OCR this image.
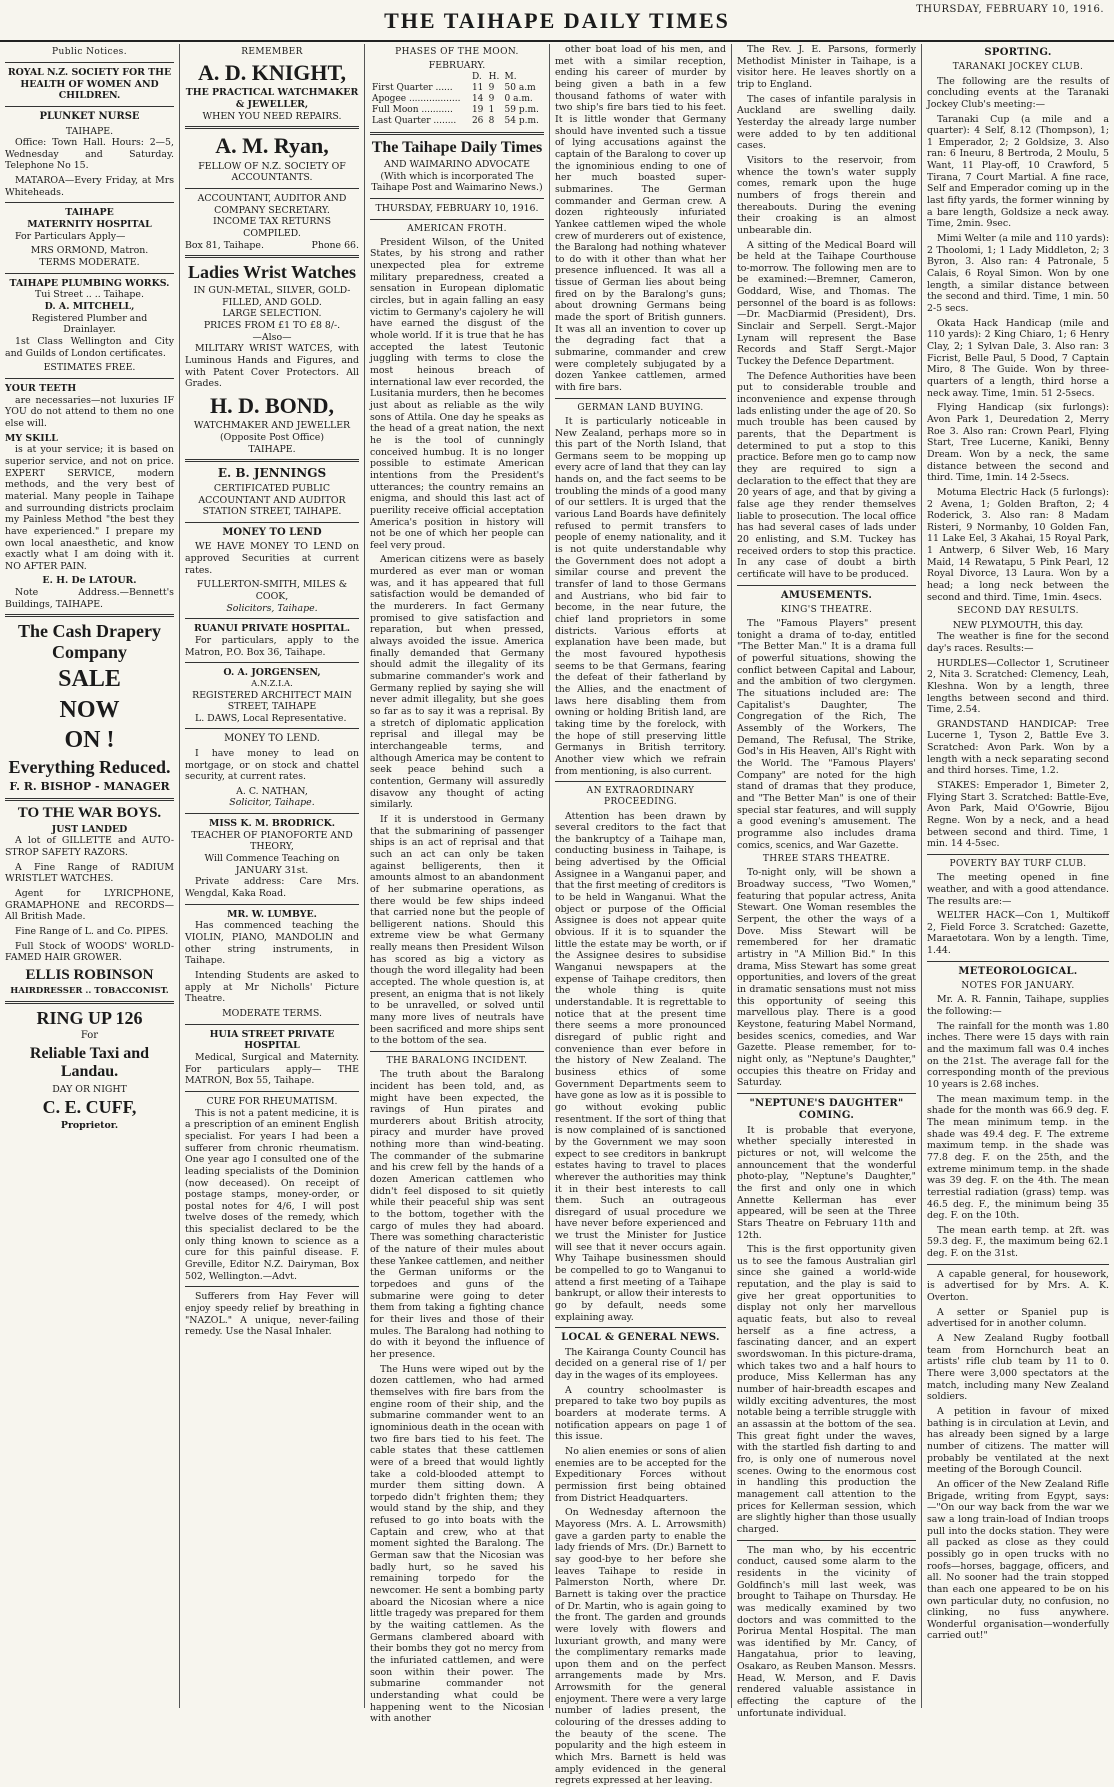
THE TAIHAPE DAILY TIMES	THURSDAY, FEBRUARY 10, 1916.
Public Notices.
ROYAL N.Z. SOCIETY FOR THE HEALTH OF WOMEN AND CHILDREN.
PLUNKET NURSE
TAIHAPE.

Office: Town Hall. Hours: 2—5, Wednesday and Saturday. Telephone No 15.

MATAROA—Every Friday, at Mrs Whiteheads.

TAIHAPE
MATERNITY HOSPITAL

For Particulars Apply—

MRS ORMOND, Matron.
TERMS MODERATE.
TAIHAPE PLUMBING WORKS.
Tui Street .. .. Taihape.
D. A. MITCHELL,
Registered Plumber and Drainlayer.

1st Class Wellington and City and Guilds of London certificates.

ESTIMATES FREE.
YOUR TEETH

are necessaries—not luxuries IF YOU do not attend to them no one else will.

MY SKILL

is at your service; it is based on superior service, and not on price. EXPERT SERVICE, modern methods, and the very best of material. Many people in Taihape and surrounding districts proclaim my Painless Method "the best they have experienced." I prepare my own local anaesthetic, and know exactly what I am doing with it. NO AFTER PAIN.

E. H. De LATOUR.

Note Address.—Bennett's Buildings, TAIHAPE.

The Cash Drapery Company
SALE
NOW
ON !
Everything Reduced.
F. R. BISHOP - MANAGER
TO THE WAR BOYS.
JUST LANDED

A lot of GILLETTE and AUTO-STROP SAFETY RAZORS.

A Fine Range of RADIUM WRISTLET WATCHES.

Agent for LYRICPHONE, GRAMAPHONE and RECORDS—All British Made.

Fine Range of L. and Co. PIPES.

Full Stock of WOODS' WORLD-FAMED HAIR GROWER.

ELLIS ROBINSON
HAIRDRESSER .. TOBACCONIST.
RING UP 126
For
Reliable Taxi and Landau.
DAY OR NIGHT
C. E. CUFF,
Proprietor.
REMEMBER
A. D. KNIGHT,
THE PRACTICAL WATCHMAKER & JEWELLER,
WHEN YOU NEED REPAIRS.
A. M. Ryan,
FELLOW OF N.Z. SOCIETY OF ACCOUNTANTS.
ACCOUNTANT, AUDITOR AND COMPANY SECRETARY.
INCOME TAX RETURNS COMPILED.
Box 81, Taihape.	Phone 66.
Ladies Wrist Watches
IN GUN-METAL, SILVER, GOLD-FILLED, AND GOLD.
LARGE SELECTION.
PRICES FROM £1 TO £8 8/-.
—Also—

MILITARY WRIST WATCES, with Luminous Hands and Figures, and with Patent Cover Protectors. All Grades.

H. D. BOND,
WATCHMAKER AND JEWELLER
(Opposite Post Office)
TAIHAPE.
E. B. JENNINGS
CERTIFICATED PUBLIC ACCOUNTANT AND AUDITOR
STATION STREET, TAIHAPE.
MONEY TO LEND

WE HAVE MONEY TO LEND on approved Securities at current rates.

FULLERTON-SMITH, MILES & COOK,
Solicitors, Taihape.
RUANUI PRIVATE HOSPITAL.

For particulars, apply to the Matron, P.O. Box 36, Taihape.

O. A. JORGENSEN,
A.N.Z.I.A.
REGISTERED ARCHITECT MAIN STREET, TAIHAPE

L. DAWS, Local Representative.

MONEY TO LEND.

I have money to lead on mortgage, or on stock and chattel security, at current rates.

A. C. NATHAN,
Solicitor, Taihape.
MISS K. M. BRODRICK.
TEACHER OF PIANOFORTE AND THEORY,
Will Commence Teaching on JANUARY 31st.

Private address: Care Mrs. Wengdal, Kaka Road.

MR. W. LUMBYE.

Has commenced teaching the VIOLIN, PIANO, MANDOLIN and other string instruments, in Taihape.

Intending Students are asked to apply at Mr Nicholls' Picture Theatre.

MODERATE TERMS.
HUIA STREET PRIVATE HOSPITAL

Medical, Surgical and Maternity. For particulars apply— THE MATRON, Box 55, Taihape.

CURE FOR RHEUMATISM.

This is not a patent medicine, it is a prescription of an eminent English specialist. For years I had been a sufferer from chronic rheumatism. One year ago I consulted one of the leading specialists of the Dominion (now deceased). On receipt of postage stamps, money-order, or postal notes for 4/6, I will post twelve doses of the remedy, which this specialist declared to be the only thing known to science as a cure for this painful disease. F. Greville, Editor N.Z. Dairyman, Box 502, Wellington.—Advt.

Sufferers from Hay Fever will enjoy speedy relief by breathing in "NAZOL." A unique, never-failing remedy. Use the Nasal Inhaler.

PHASES OF THE MOON.
FEBRUARY.
	D.	H.	M.
First Quarter ......	11	9	50 a.m
Apogee ..................	14	9	0 a.m.
Full Moon ...........	19	1	59 p.m.
Last Quarter ........	26	8	54 p.m.
The Taihape Daily Times
AND WAIMARINO ADVOCATE

(With which is incorporated The Taihape Post and Waimarino News.)

THURSDAY, FEBRUARY 10, 1916.
AMERICAN FROTH.

President Wilson, of the United States, by his strong and rather unexpected plea for extreme military preparedness, created a sensation in European diplomatic circles, but in again falling an easy victim to Germany's cajolery he will have earned the disgust of the whole world. If it is true that he has accepted the latest Teutonic juggling with terms to close the most heinous breach of international law ever recorded, the Lusitania murders, then he becomes just about as reliable as the wily sons of Attila. One day he speaks as the head of a great nation, the next he is the tool of cunningly conceived humbug. It is no longer possible to estimate American intentions from the President's utterances; the country remains an enigma, and should this last act of puerility receive official acceptation America's position in history will not be one of which her people can feel very proud.

American citizens were as basely murdered as ever man or woman was, and it has appeared that full satisfaction would be demanded of the murderers. In fact Germany promised to give satisfaction and reparation, but when pressed, always avoided the issue. America finally demanded that Germany should admit the illegality of its submarine commander's work and Germany replied by saying she will never admit illegality, but she goes so far as to say it was a reprisal. By a stretch of diplomatic application reprisal and illegal may be interchangeable terms, and although America may be content to seek peace behind such a contention, Germany will assuredly disavow any thought of acting similarly.

If it is understood in Germany that the submarining of passenger ships is an act of reprisal and that such an act can only be taken against belligerents, then it amounts almost to an abandonment of her submarine operations, as there would be few ships indeed that carried none but the people of belligerent nations. Should this extreme view be what Germany really means then President Wilson has scored as big a victory as though the word illegality had been accepted. The whole question is, at present, an enigma that is not likely to be unravelled, or solved until many more lives of neutrals have been sacrificed and more ships sent to the bottom of the sea.

THE BARALONG INCIDENT.

The truth about the Baralong incident has been told, and, as might have been expected, the ravings of Hun pirates and murderers about British atrocity, piracy and murder have proved nothing more than wind-beating. The commander of the submarine and his crew fell by the hands of a dozen American cattlemen who didn't feel disposed to sit quietly while their peaceful ship was sent to the bottom, together with the cargo of mules they had aboard. There was something characteristic of the nature of their mules about these Yankee cattlemen, and neither the German uniforms or the torpedoes and guns of the submarine were going to deter them from taking a fighting chance for their lives and those of their mules. The Baralong had nothing to do with it beyond the influence of her presence.

The Huns were wiped out by the dozen cattlemen, who had armed themselves with fire bars from the engine room of their ship, and the submarine commander went to an ignominious death in the ocean with two fire bars tied to his feet. The cable states that these cattlemen were of a breed that would lightly take a cold-blooded attempt to murder them sitting down. A torpedo didn't frighten them; they would stand by the ship, and they refused to go into boats with the Captain and crew, who at that moment sighted the Baralong. The German saw that the Nicosian was badly hurt, so he saved his remaining torpedo for the newcomer. He sent a bombing party aboard the Nicosian where a nice little tragedy was prepared for them by the waiting cattlemen. As the Germans clambered aboard with their bombs they got no mercy from the infuriated cattlemen, and were soon within their power. The submarine commander not understanding what could be happening went to the Nicosian with another

other boat load of his men, and met with a similar reception, ending his career of murder by being given a bath in a few thousand fathoms of water with two ship's fire bars tied to his feet. It is little wonder that Germany should have invented such a tissue of lying accusations against the captain of the Baralong to cover up the ignominious ending to one of her much boasted super-submarines. The German commander and German crew. A dozen righteously infuriated Yankee cattlemen wiped the whole crew of murderers out of existence, the Baralong had nothing whatever to do with it other than what her presence influenced. It was all a tissue of German lies about being fired on by the Baralong's guns; about drowning Germans being made the sport of British gunners. It was all an invention to cover up the degrading fact that a submarine, commander and crew were completely subjugated by a dozen Yankee cattlemen, armed with fire bars.

GERMAN LAND BUYING.

It is particularly noticeable in New Zealand, perhaps more so in this part of the North Island, that Germans seem to be mopping up every acre of land that they can lay hands on, and the fact seems to be troubling the minds of a good many of our settlers. It is urged that the various Land Boards have definitely refused to permit transfers to people of enemy nationality, and it is not quite understandable why the Government does not adopt a similar course and prevent the transfer of land to those Germans and Austrians, who bid fair to become, in the near future, the chief land proprietors in some districts. Various efforts at explanation have been made, but the most favoured hypothesis seems to be that Germans, fearing the defeat of their fatherland by the Allies, and the enactment of laws here disabling them from owning or holding British land, are taking time by the forelock, with the hope of still preserving little Germanys in British territory. Another view which we refrain from mentioning, is also current.

AN EXTRAORDINARY PROCEEDING.

Attention has been drawn by several creditors to the fact that the bankruptcy of a Taihape man, conducting business in Taihape, is being advertised by the Official Assignee in a Wanganui paper, and that the first meeting of creditors is to be held in Wanganui. What the object or purpose of the Official Assignee is does not appear quite obvious. If it is to squander the little the estate may be worth, or if the Assignee desires to subsidise Wanganui newspapers at the expense of Taihape creditors, then the whole thing is quite understandable. It is regrettable to notice that at the present time there seems a more pronounced disregard of public right and convenience than ever before in the history of New Zealand. The business ethics of some Government Departments seem to have gone as low as it is possible to go without evoking public resentment. If the sort of thing that is now complained of is sanctioned by the Government we may soon expect to see creditors in bankrupt estates having to travel to places wherever the authorities may think it in their best interests to call them. Such an outrageous disregard of usual procedure we have never before experienced and we trust the Minister for Justice will see that it never occurs again. Why Taihape businessmen should be compelled to go to Wanganui to attend a first meeting of a Taihape bankrupt, or allow their interests to go by default, needs some explaining away.

LOCAL & GENERAL NEWS.

The Kairanga County Council has decided on a general rise of 1/ per day in the wages of its employees.

A country schoolmaster is prepared to take two boy pupils as boarders at moderate terms. A notification appears on page 1 of this issue.

No alien enemies or sons of alien enemies are to be accepted for the Expeditionary Forces without permission first being obtained from District Headquarters.

On Wednesday afternoon the Mayoress (Mrs. A. L. Arrowsmith) gave a garden party to enable the lady friends of Mrs. (Dr.) Barnett to say good-bye to her before she leaves Taihape to reside in Palmerston North, where Dr. Barnett is taking over the practice of Dr. Martin, who is again going to the front. The garden and grounds were lovely with flowers and luxuriant growth, and many were the complimentary remarks made upon them and on the perfect arrangements made by Mrs. Arrowsmith for the general enjoyment. There were a very large number of ladies present, the colouring of the dresses adding to the beauty of the scene. The popularity and the high esteem in which Mrs. Barnett is held was amply evidenced in the general regrets expressed at her leaving.

The Rev. J. E. Parsons, formerly Methodist Minister in Taihape, is a visitor here. He leaves shortly on a trip to England.

The cases of infantile paralysis in Auckland are swelling daily. Yesterday the already large number were added to by ten additional cases.

Visitors to the reservoir, from whence the town's water supply comes, remark upon the huge numbers of frogs therein and thereabouts. During the evening their croaking is an almost unbearable din.

A sitting of the Medical Board will be held at the Taihape Courthouse to-morrow. The following men are to be examined:—Bremner, Cameron, Goddard, Wise, and Thomas. The personnel of the board is as follows:—Dr. MacDiarmid (President), Drs. Sinclair and Serpell. Sergt.-Major Lynam will represent the Base Records and Staff Sergt.-Major Tuckey the Defence Department.

The Defence Authorities have been put to considerable trouble and inconvenience and expense through lads enlisting under the age of 20. So much trouble has been caused by parents, that the Department is determined to put a stop to this practice. Before men go to camp now they are required to sign a declaration to the effect that they are 20 years of age, and that by giving a false age they render themselves liable to prosecution. The local office has had several cases of lads under 20 enlisting, and S.M. Tuckey has received orders to stop this practice. In any case of doubt a birth certificate will have to be produced.

AMUSEMENTS.
KING'S THEATRE.

The "Famous Players" present tonight a drama of to-day, entitled "The Better Man." It is a drama full of powerful situations, showing the conflict between Capital and Labour, and the ambition of two clergymen. The situations included are: The Capitalist's Daughter, The Congregation of the Rich, The Assembly of the Workers, The Demand, The Refusal, The Strike, God's in His Heaven, All's Right with the World. The "Famous Players' Company" are noted for the high stand of dramas that they produce, and "The Better Man" is one of their special star features, and will supply a good evening's amusement. The programme also includes drama comics, scenics, and War Gazette.

THREE STARS THEATRE.

To-night only, will be shown a Broadway success, "Two Women," featuring that popular actress, Anita Stewart. One Woman resembles the Serpent, the other the ways of a Dove. Miss Stewart will be remembered for her dramatic artistry in "A Million Bid." In this drama, Miss Stewart has some great opportunities, and lovers of the great in dramatic sensations must not miss this opportunity of seeing this marvellous play. There is a good Keystone, featuring Mabel Normand, besides scenics, comedies, and War Gazette. Please remember, for to-night only, as "Neptune's Daughter," occupies this theatre on Friday and Saturday.

"NEPTUNE'S DAUGHTER" COMING.

It is probable that everyone, whether specially interested in pictures or not, will welcome the announcement that the wonderful photo-play, "Neptune's Daughter," the first and only one in which Annette Kellerman has ever appeared, will be seen at the Three Stars Theatre on February 11th and 12th.

This is the first opportunity given us to see the famous Australian girl since she gained a world-wide reputation, and the play is said to give her great opportunities to display not only her marvellous aquatic feats, but also to reveal herself as a fine actress, a fascinating dancer, and an expert swordswoman. In this picture-drama, which takes two and a half hours to produce, Miss Kellerman has any number of hair-breadth escapes and wildly exciting adventures, the most notable being a terrible struggle with an assassin at the bottom of the sea. This great fight under the waves, with the startled fish darting to and fro, is only one of numerous novel scenes. Owing to the enormous cost in handling this production the management call attention to the prices for Kellerman session, which are slightly higher than those usually charged.

The man who, by his eccentric conduct, caused some alarm to the residents in the vicinity of Goldfinch's mill last week, was brought to Taihape on Thursday. He was medically examined by two doctors and was committed to the Porirua Mental Hospital. The man was identified by Mr. Cancy, of Hangatahua, prior to leaving, Osakaro, as Reuben Manson. Messrs. Head, W. Merson, and F. Davis rendered valuable assistance in effecting the capture of the unfortunate individual.

SPORTING.
TARANAKI JOCKEY CLUB.

The following are the results of concluding events at the Taranaki Jockey Club's meeting:—

Taranaki Cup (a mile and a quarter): 4 Self, 8.12 (Thompson), 1; 1 Emperador, 2; 2 Goldsize, 3. Also ran: 6 Ineuru, 8 Bertroda, 2 Moulu, 5 Want, 11 Play-off, 10 Crawford, 5 Tirana, 7 Court Martial. A fine race, Self and Emperador coming up in the last fifty yards, the former winning by a bare length, Goldsize a neck away. Time, 2min. 9sec.

Mimi Welter (a mile and 110 yards): 2 Thoolomi, 1; 1 Lady Middleton, 2; 3 Byron, 3. Also ran: 4 Patronale, 5 Calais, 6 Royal Simon. Won by one length, a similar distance between the second and third. Time, 1 min. 50 2-5 secs.

Okata Hack Handicap (mile and 110 yards): 2 King Chiaro, 1; 6 Henry Clay, 2; 1 Sylvan Dale, 3. Also ran: 3 Ficrist, Belle Paul, 5 Dood, 7 Captain Miro, 8 The Guide. Won by three-quarters of a length, third horse a neck away. Time, 1min. 51 2-5secs.

Flying Handicap (six furlongs): Avon Park 1, Deuredation 2, Merry Roe 3. Also ran: Crown Pearl, Flying Start, Tree Lucerne, Kaniki, Benny Dream. Won by a neck, the same distance between the second and third. Time, 1min. 14 2-5secs.

Motuma Electric Hack (5 furlongs): 2 Avena, 1; Golden Brafton, 2; 4 Roderick, 3. Also ran: 8 Madam Risteri, 9 Normanby, 10 Golden Fan, 11 Lake Eel, 3 Akahai, 15 Royal Park, 1 Antwerp, 6 Silver Web, 16 Mary Maid, 14 Rewatapu, 5 Pink Pearl, 12 Royal Divorce, 13 Laura. Won by a head; a long neck between the second and third. Time, 1min. 4secs.

SECOND DAY RESULTS.
NEW PLYMOUTH, this day.

The weather is fine for the second day's races. Results:—

HURDLES—Collector 1, Scrutineer 2, Nita 3. Scratched: Clemency, Leah, Kleshna. Won by a length, three lengths between second and third. Time, 2.54.

GRANDSTAND HANDICAP: Tree Lucerne 1, Tyson 2, Battle Eve 3. Scratched: Avon Park. Won by a length with a neck separating second and third horses. Time, 1.2.

STAKES: Emperador 1, Bimeter 2, Flying Start 3. Scratched: Battle-Eve, Avon Park, Maid O'Gowrie, Bijou Regne. Won by a neck, and a head between second and third. Time, 1 min. 14 4-5sec.

POVERTY BAY TURF CLUB.

The meeting opened in fine weather, and with a good attendance. The results are:—

WELTER HACK—Con 1, Multikoff 2, Field Force 3. Scratched: Gazette, Maraetotara. Won by a length. Time, 1.44.

METEOROLOGICAL.
NOTES FOR JANUARY.

Mr. A. R. Fannin, Taihape, supplies the following:—

The rainfall for the month was 1.80 inches. There were 15 days with rain and the maximum fall was 0.4 inches on the 21st. The average fall for the corresponding month of the previous 10 years is 2.68 inches.

The mean maximum temp. in the shade for the month was 66.9 deg. F. The mean minimum temp. in the shade was 49.4 deg. F. The extreme maximum temp. in the shade was 77.8 deg. F. on the 25th, and the extreme minimum temp. in the shade was 39 deg. F. on the 4th. The mean terrestial radiation (grass) temp. was 46.5 deg. F., the minimum being 35 deg. F. on the 10th.

The mean earth temp. at 2ft. was 59.3 deg. F., the maximum being 62.1 deg. F. on the 31st.

A capable general, for housework, is advertised for by Mrs. A. K. Overton.

A setter or Spaniel pup is advertised for in another column.

A New Zealand Rugby football team from Hornchurch beat an artists' rifle club team by 11 to 0. There were 3,000 spectators at the match, including many New Zealand soldiers.

A petition in favour of mixed bathing is in circulation at Levin, and has already been signed by a large number of citizens. The matter will probably be ventilated at the next meeting of the Borough Council.

An officer of the New Zealand Rifle Brigade, writing from Egypt, says:—"On our way back from the war we saw a long train-load of Indian troops pull into the docks station. They were all packed as close as they could possibly go in open trucks with no roofs—horses, baggage, officers, and all. No sooner had the train stopped than each one appeared to be on his own particular duty, no confusion, no clinking, no fuss anywhere. Wonderful organisation—wonderfully carried out!"
